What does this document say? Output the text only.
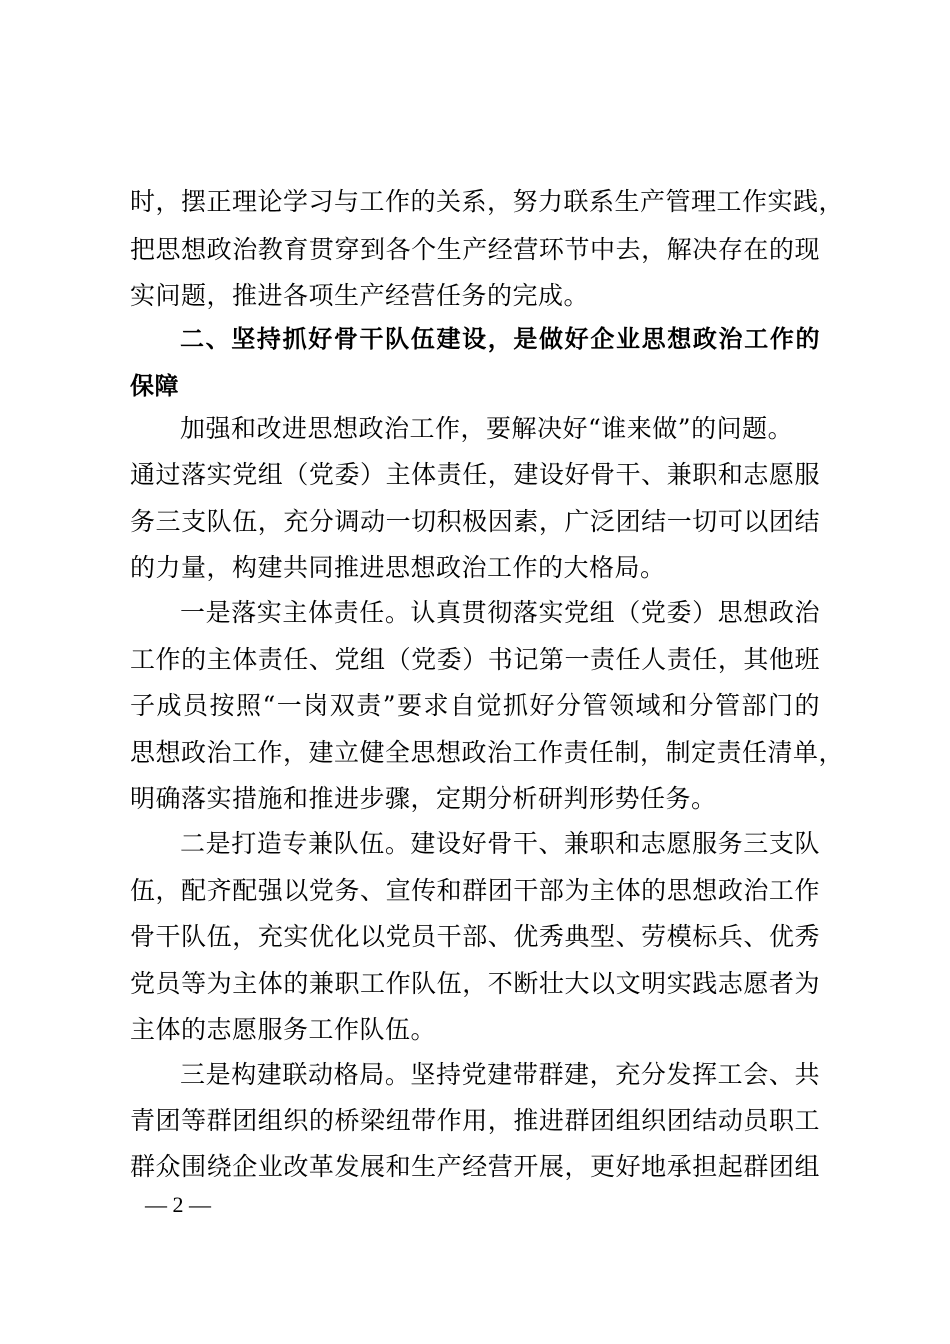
时，摆正理论学习与工作的关系，努力联系生产管理工作实践，
把思想政治教育贯穿到各个生产经营环节中去，解决存在的现
实问题，推进各项生产经营任务的完成。
二、坚持抓好骨干队伍建设，是做好企业思想政治工作的
保障
加强和改进思想政治工作，要解决好“谁来做”的问题。
通过落实党组（党委）主体责任，建设好骨干、兼职和志愿服
务三支队伍，充分调动一切积极因素，广泛团结一切可以团结
的力量，构建共同推进思想政治工作的大格局。
一是落实主体责任。认真贯彻落实党组（党委）思想政治
工作的主体责任、党组（党委）书记第一责任人责任，其他班
子成员按照“一岗双责”要求自觉抓好分管领域和分管部门的
思想政治工作，建立健全思想政治工作责任制，制定责任清单，
明确落实措施和推进步骤，定期分析研判形势任务。
二是打造专兼队伍。建设好骨干、兼职和志愿服务三支队
伍，配齐配强以党务、宣传和群团干部为主体的思想政治工作
骨干队伍，充实优化以党员干部、优秀典型、劳模标兵、优秀
党员等为主体的兼职工作队伍，不断壮大以文明实践志愿者为
主体的志愿服务工作队伍。
三是构建联动格局。坚持党建带群建，充分发挥工会、共
青团等群团组织的桥梁纽带作用，推进群团组织团结动员职工
群众围绕企业改革发展和生产经营开展，更好地承担起群团组
— 2 —
